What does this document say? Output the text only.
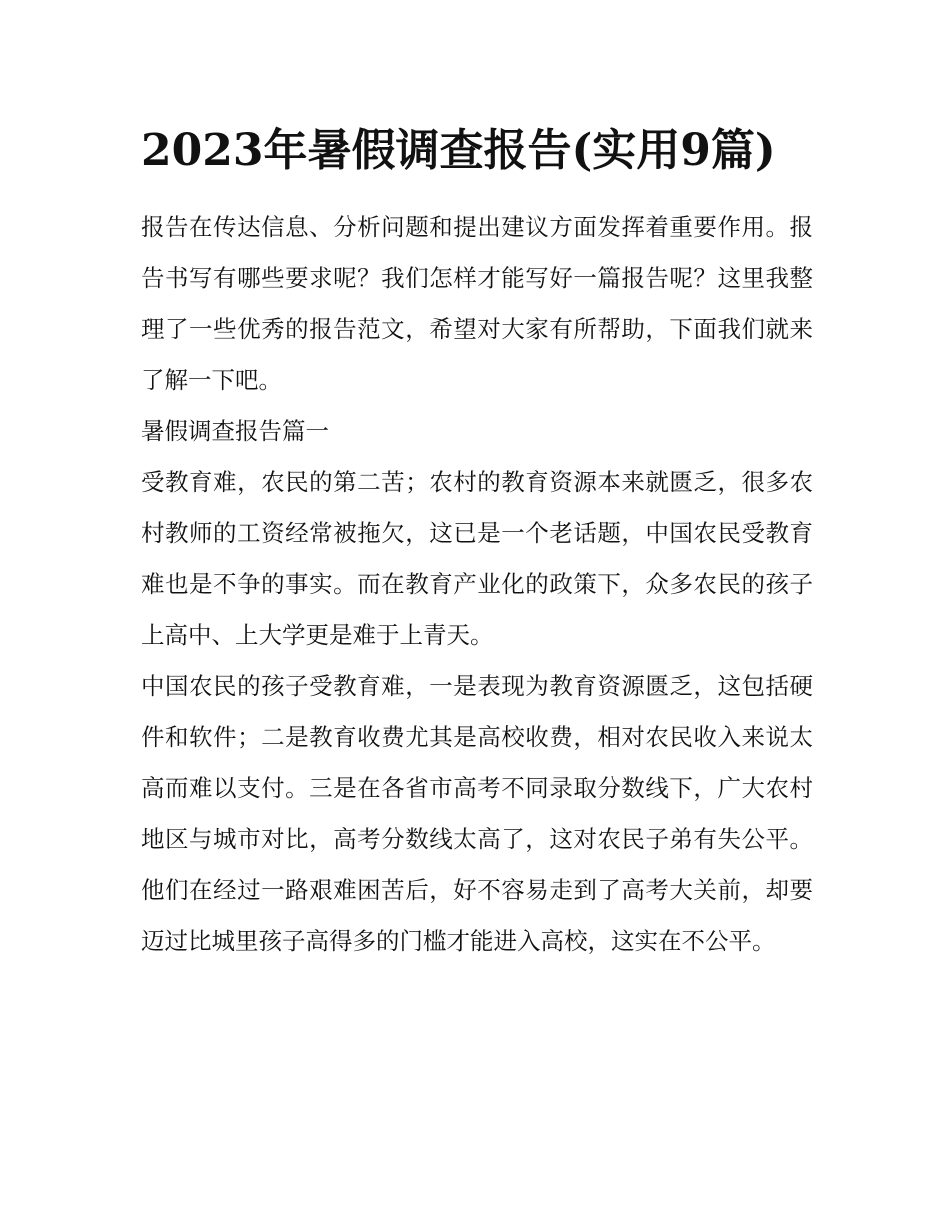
2023年暑假调查报告(实用9篇)

报告在传达信息、分析问题和提出建议方面发挥着重要作用。报告书写有哪些要求呢？我们怎样才能写好一篇报告呢？这里我整理了一些优秀的报告范文，希望对大家有所帮助，下面我们就来了解一下吧。

暑假调查报告篇一

受教育难，农民的第二苦；农村的教育资源本来就匮乏，很多农村教师的工资经常被拖欠，这已是一个老话题，中国农民受教育难也是不争的事实。而在教育产业化的政策下，众多农民的孩子上高中、上大学更是难于上青天。

中国农民的孩子受教育难，一是表现为教育资源匮乏，这包括硬件和软件；二是教育收费尤其是高校收费，相对农民收入来说太高而难以支付。三是在各省市高考不同录取分数线下，广大农村地区与城市对比，高考分数线太高了，这对农民子弟有失公平。他们在经过一路艰难困苦后，好不容易走到了高考大关前，却要迈过比城里孩子高得多的门槛才能进入高校，这实在不公平。
